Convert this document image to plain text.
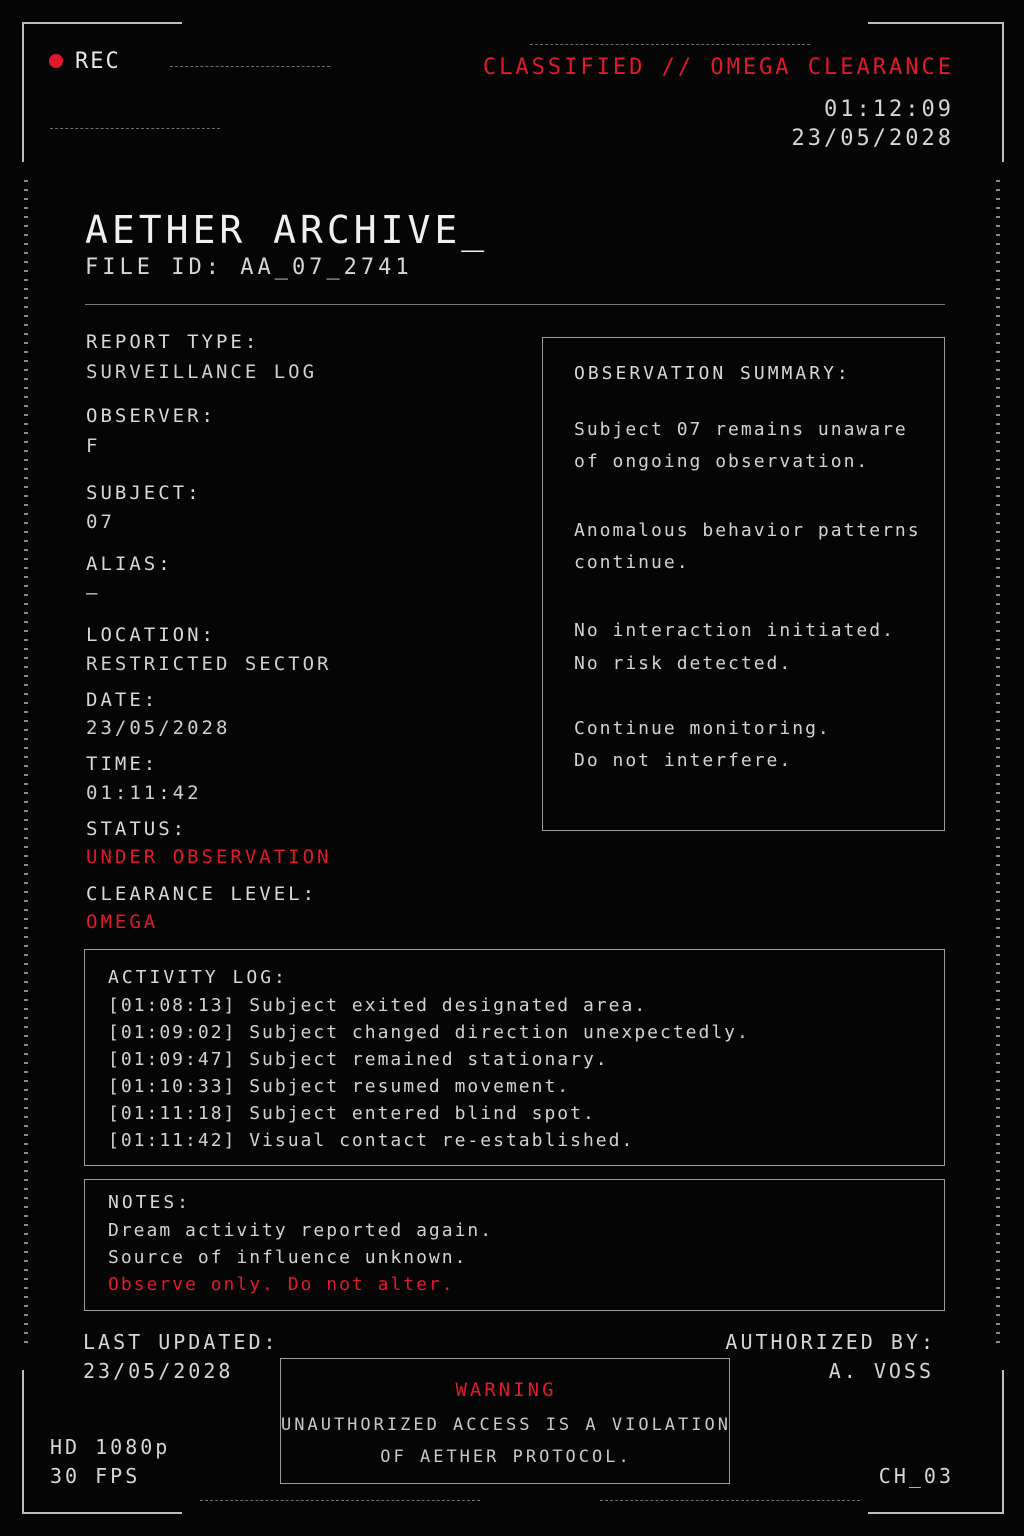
REC	CLASSIFIED // OMEGA CLEARANCE
01:12:09
23/05/2028
AETHER ARCHIVE_
FILE ID: AA_07_2741
REPORT TYPE:
SURVEILLANCE LOG
OBSERVER:
F
SUBJECT:
07
ALIAS:
—
LOCATION:
RESTRICTED SECTOR
DATE:
23/05/2028
TIME:
01:11:42
STATUS:
UNDER OBSERVATION
CLEARANCE LEVEL:
OMEGA
OBSERVATION SUMMARY:
Subject 07 remains unaware
of ongoing observation.
Anomalous behavior patterns
continue.
No interaction initiated.
No risk detected.
Continue monitoring.
Do not interfere.
ACTIVITY LOG:
[01:08:13] Subject exited designated area.
[01:09:02] Subject changed direction unexpectedly.
[01:09:47] Subject remained stationary.
[01:10:33] Subject resumed movement.
[01:11:18] Subject entered blind spot.
[01:11:42] Visual contact re-established.
NOTES:
Dream activity reported again.
Source of influence unknown.
Observe only. Do not alter.
LAST UPDATED:
23/05/2028
AUTHORIZED BY:
A. VOSS
WARNING
UNAUTHORIZED ACCESS IS A VIOLATION
OF AETHER PROTOCOL.
HD 1080p
30 FPS	CH_03
